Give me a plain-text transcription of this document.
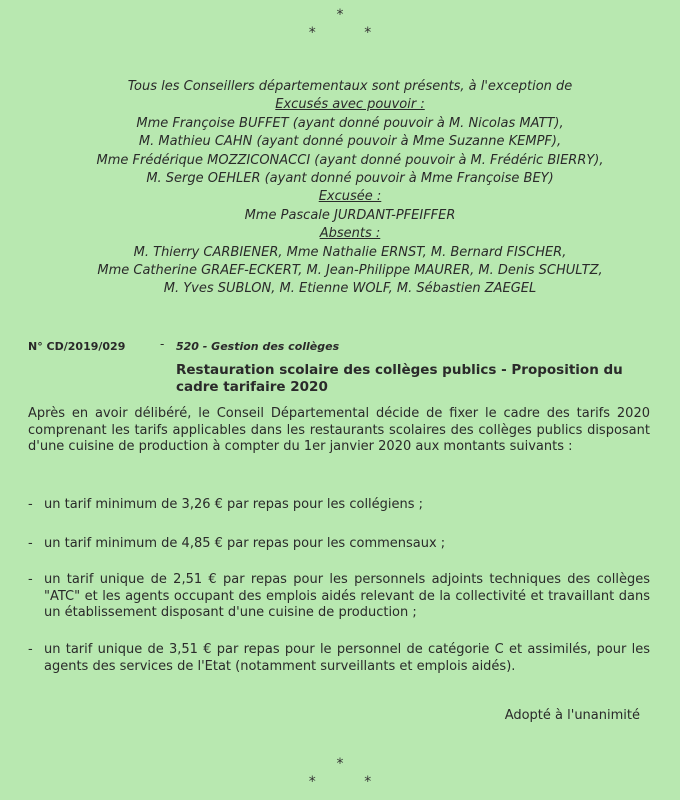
*
* *
Tous les Conseillers départementaux sont présents, à l'exception de
Excusés avec pouvoir :
Mme Françoise BUFFET (ayant donné pouvoir à M. Nicolas MATT),
M. Mathieu CAHN (ayant donné pouvoir à Mme Suzanne KEMPF),
Mme Frédérique MOZZICONACCI (ayant donné pouvoir à M. Frédéric BIERRY),
M. Serge OEHLER (ayant donné pouvoir à Mme Françoise BEY)
Excusée :
Mme Pascale JURDANT-PFEIFFER
Absents :
M. Thierry CARBIENER, Mme Nathalie ERNST, M. Bernard FISCHER,
Mme Catherine GRAEF-ECKERT, M. Jean-Philippe MAURER, M. Denis SCHULTZ,
M. Yves SUBLON, M. Etienne WOLF, M. Sébastien ZAEGEL
N° CD/2019/029	- 520 - Gestion des collèges
Restauration scolaire des collèges publics - Proposition du cadre tarifaire 2020
Après en avoir délibéré, le Conseil Départemental décide de fixer le cadre des tarifs 2020 comprenant les tarifs applicables dans les restaurants scolaires des collèges publics disposant d'une cuisine de production à compter du 1er janvier 2020 aux montants suivants :
- un tarif minimum de 3,26 € par repas pour les collégiens ;
- un tarif minimum de 4,85 € par repas pour les commensaux ;
- un tarif unique de 2,51 € par repas pour les personnels adjoints techniques des collèges "ATC" et les agents occupant des emplois aidés relevant de la collectivité et travaillant dans un établissement disposant d'une cuisine de production ;
- un tarif unique de 3,51 € par repas pour le personnel de catégorie C et assimilés, pour les agents des services de l'Etat (notamment surveillants et emplois aidés).
Adopté à l'unanimité
*
* *
